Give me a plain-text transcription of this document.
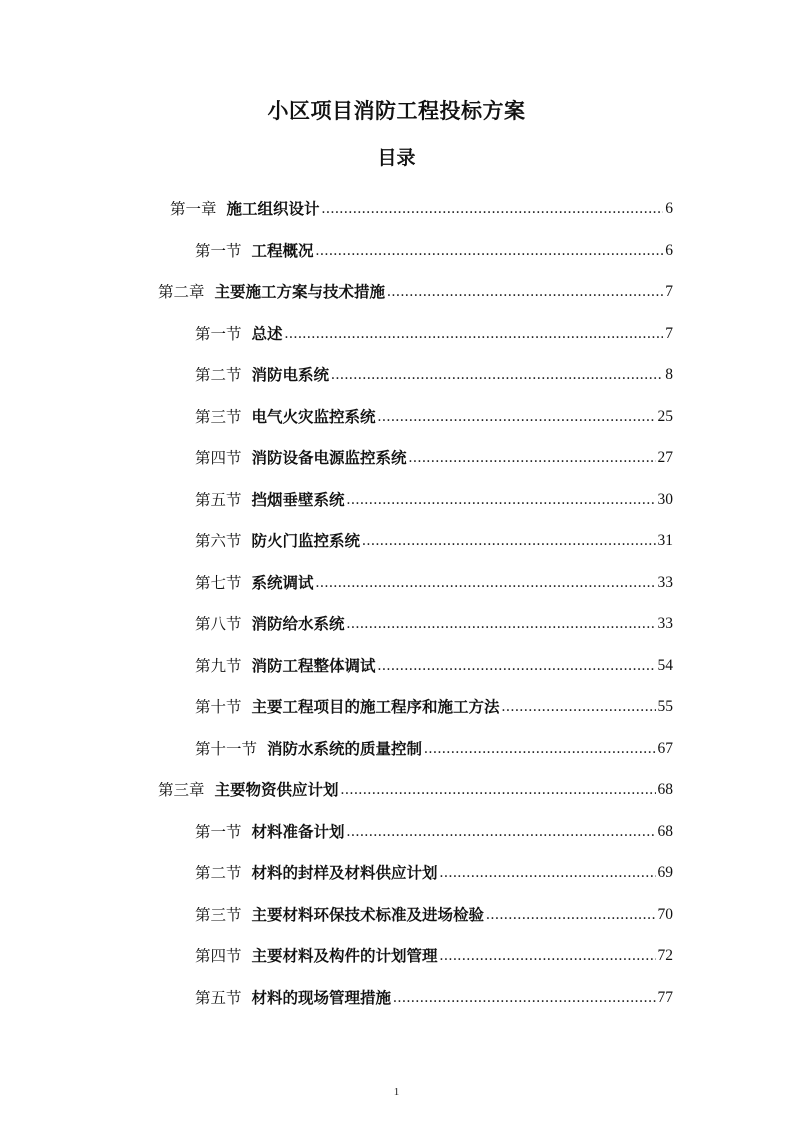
小区项目消防工程投标方案
目录
第一章 施工组织设计 .....	6
第一节 工程概况 .....	6
第二章 主要施工方案与技术措施 .....	7
第一节 总述 .....	7
第二节 消防电系统 .....	8
第三节 电气火灾监控系统 .....	25
第四节 消防设备电源监控系统 .....	27
第五节 挡烟垂壁系统 .....	30
第六节 防火门监控系统 .....	31
第七节 系统调试 .....	33
第八节 消防给水系统 .....	33
第九节 消防工程整体调试 .....	54
第十节 主要工程项目的施工程序和施工方法 .....	55
第十一节 消防水系统的质量控制 .....	67
第三章 主要物资供应计划 .....	68
第一节 材料准备计划 .....	68
第二节 材料的封样及材料供应计划 .....	69
第三节 主要材料环保技术标准及进场检验 .....	70
第四节 主要材料及构件的计划管理 .....	72
第五节 材料的现场管理措施 .....	77
1
